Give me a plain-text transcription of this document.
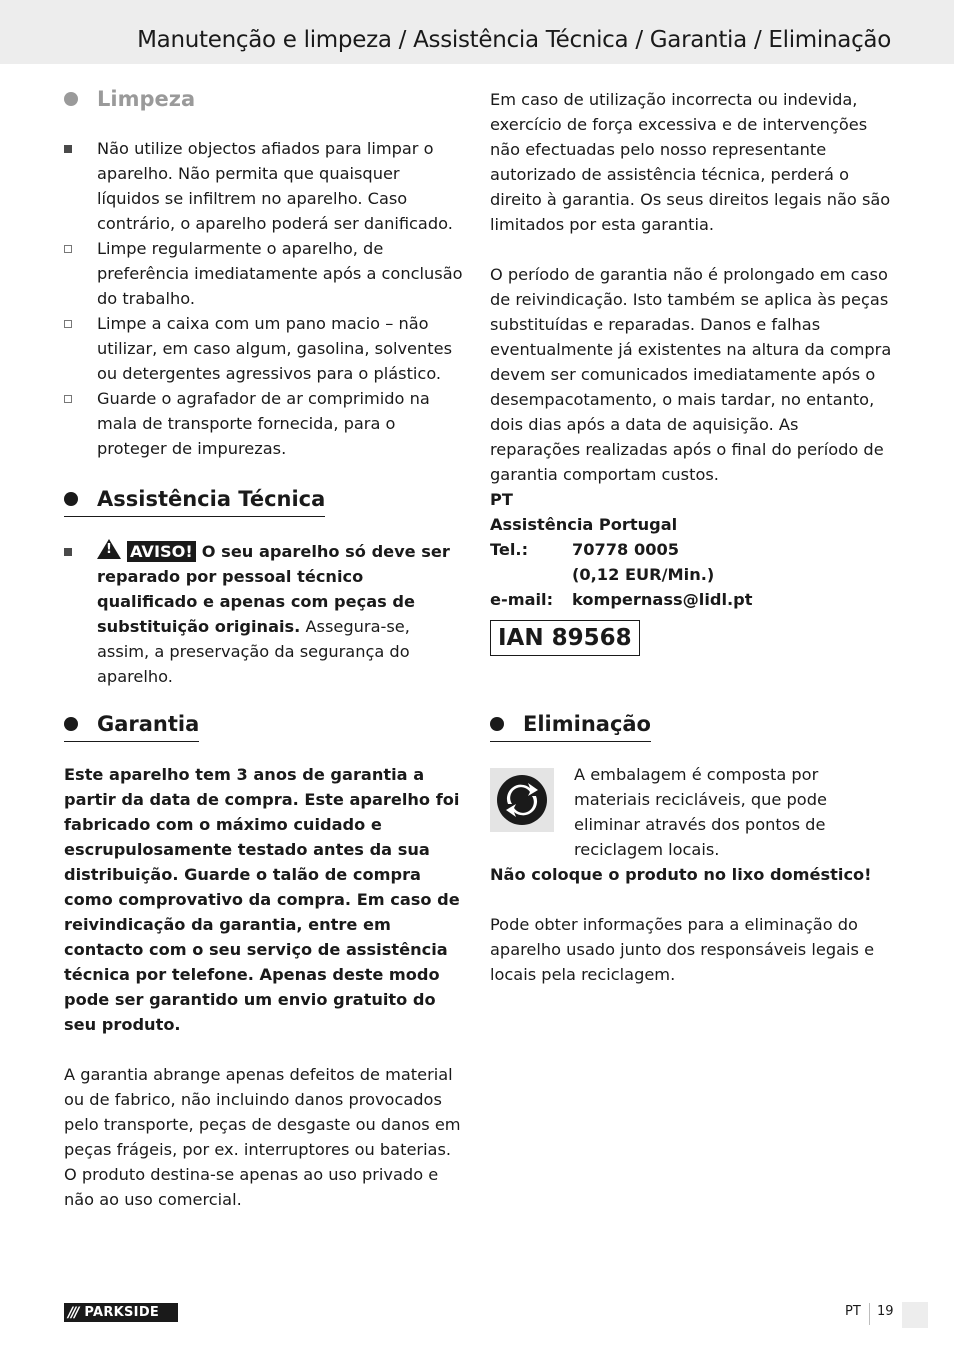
Manutenção e limpeza / Assistência Técnica / Garantia / Eliminação
Limpeza
Não utilize objectos afiados para limpar o aparelho. Não permita que quaisquer líquidos se infiltrem no aparelho. Caso contrário, o aparelho poderá ser danificado.
Limpe regularmente o aparelho, de preferência imediatamente após a conclusão do trabalho.
Limpe a caixa com um pano macio – não utilizar, em caso algum, gasolina, solventes ou detergentes agressivos para o plástico.
Guarde o agrafador de ar comprimido na mala de transporte fornecida, para o proteger de impurezas.
Assistência Técnica
!AVISO! O seu aparelho só deve ser reparado por pessoal técnico qualificado e apenas com peças de substituição originais. Assegura-se, assim, a preservação da segurança do aparelho.
Garantia

Este aparelho tem 3 anos de garantia a partir da data de compra. Este aparelho foi fabricado com o máximo cuidado e escrupulosamente testado antes da sua distribuição. Guarde o talão de compra como comprovativo da compra. Em caso de reivindicação da garantia, entre em contacto com o seu serviço de assistência técnica por telefone. Apenas deste modo pode ser garantido um envio gratuito do seu produto.

A garantia abrange apenas defeitos de material ou de fabrico, não incluindo danos provocados pelo transporte, peças de desgaste ou danos em peças frágeis, por ex. interruptores ou baterias. O produto destina-se apenas ao uso privado e não ao uso comercial.

Em caso de utilização incorrecta ou indevida, exercício de força excessiva e de intervenções não efectuadas pelo nosso representante autorizado de assistência técnica, perderá o direito à garantia. Os seus direitos legais não são limitados por esta garantia.

O período de garantia não é prolongado em caso de reivindicação. Isto também se aplica às peças substituídas e reparadas. Danos e falhas eventualmente já existentes na altura da compra devem ser comunicados imediatamente após o desempacotamento, o mais tardar, no entanto, dois dias após a data de aquisição. As reparações realizadas após o final do período de garantia comportam custos.

PT
Assistência Portugal
Tel.:	70778 0005
(0,12 EUR/Min.)
e-mail:	kompernass@lidl.pt
IAN 89568
Eliminação

A embalagem é composta por materiais recicláveis, que pode eliminar através dos pontos de reciclagem locais.

Não coloque o produto no lixo doméstico!

Pode obter informações para a eliminação do aparelho usado junto dos responsáveis legais e locais pela reciclagem.

/// PARKSIDE	PT 19
